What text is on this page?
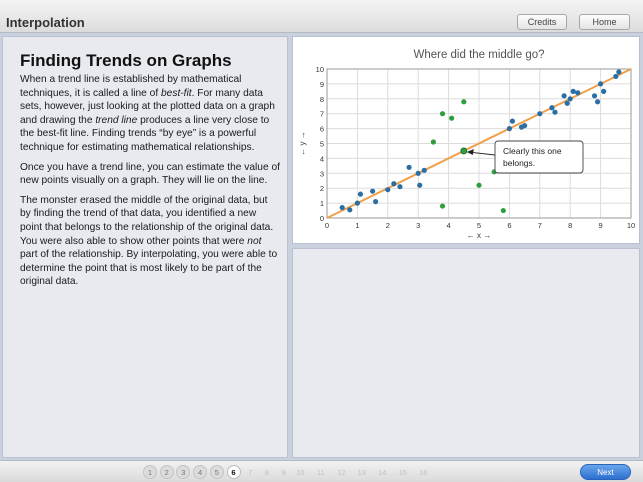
Interpolation	Credits	Home
Finding Trends on Graphs

When a trend line is established by mathematical techniques, it is called a line of best-fit. For many data sets, however, just looking at the plotted data on a graph and drawing the trend line produces a line very close to the best-fit line. Finding trends “by eye” is a powerful technique for estimating mathematical relationships.

Once you have a trend line, you can estimate the value of new points visually on a graph. They will lie on the line.

The monster erased the middle of the original data, but by finding the trend of that data, you identified a new point that belongs to the relationship of the original data. You were also able to show other points that were not part of the relationship. By interpolating, you were able to determine the point that is most likely to be part of the original data.

Where did the middle go?
0	1	2	3	4	5	6	7	8	9	10
0
1
2
3
4
5
6
7
8
9
10
← x →
← y →	Clearly this one
belongs.
1	2	3	4	5	6	7	8	9	10	11	12	13	14	15	16	Next
